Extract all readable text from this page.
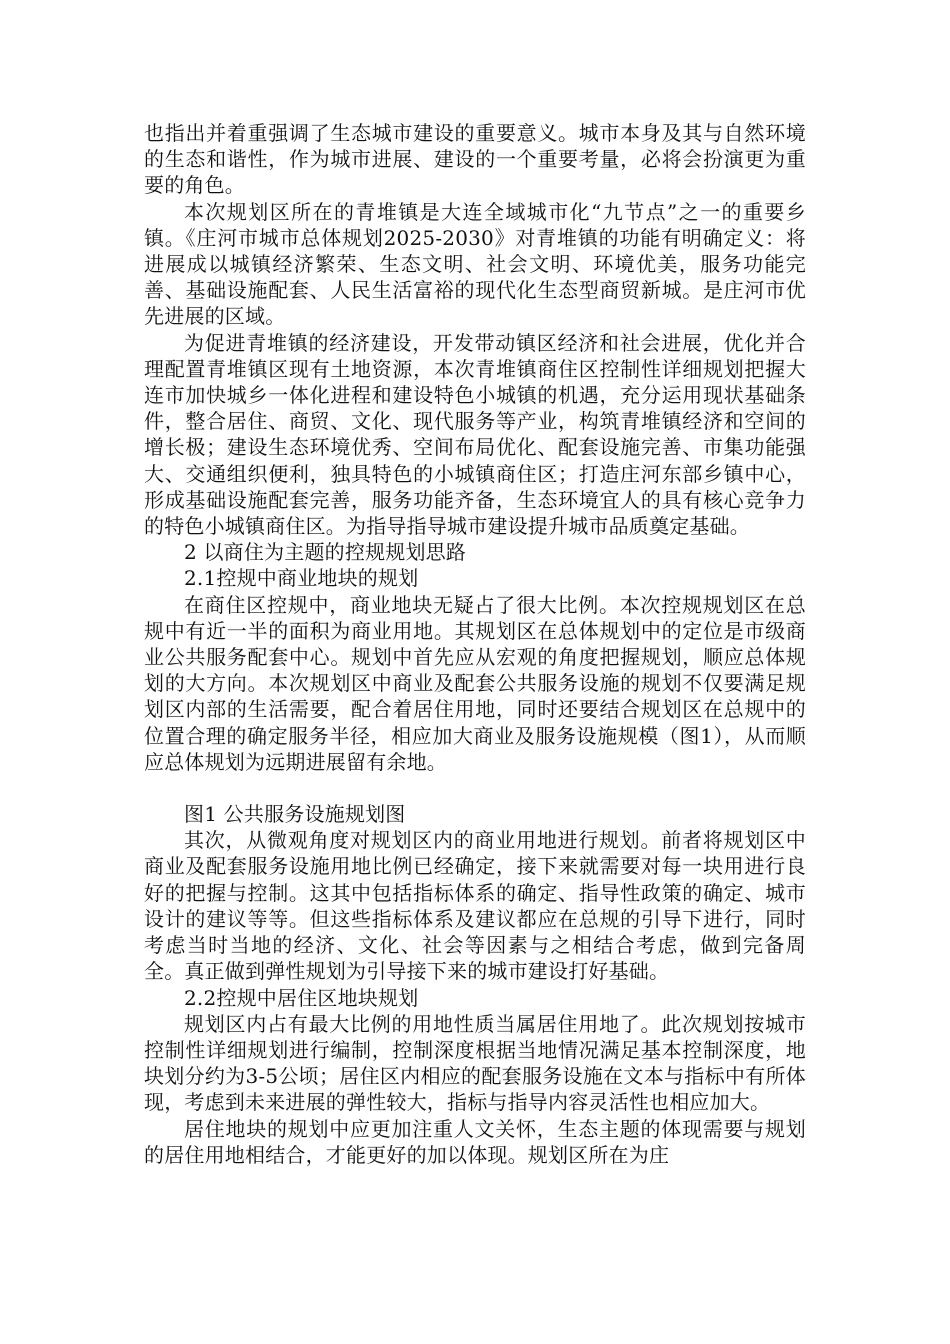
也指出并着重强调了生态城市建设的重要意义。城市本身及其与自然环境的生态和谐性，作为城市进展、建设的一个重要考量，必将会扮演更为重要的角色。

本次规划区所在的青堆镇是大连全域城市化“九节点”之一的重要乡镇。《庄河市城市总体规划2025-2030》对青堆镇的功能有明确定义：将进展成以城镇经济繁荣、生态文明、社会文明、环境优美，服务功能完善、基础设施配套、人民生活富裕的现代化生态型商贸新城。是庄河市优先进展的区域。

为促进青堆镇的经济建设，开发带动镇区经济和社会进展，优化并合理配置青堆镇区现有土地资源，本次青堆镇商住区控制性详细规划把握大连市加快城乡一体化进程和建设特色小城镇的机遇，充分运用现状基础条件，整合居住、商贸、文化、现代服务等产业，构筑青堆镇经济和空间的增长极；建设生态环境优秀、空间布局优化、配套设施完善、市集功能强大、交通组织便利，独具特色的小城镇商住区；打造庄河东部乡镇中心，形成基础设施配套完善，服务功能齐备，生态环境宜人的具有核心竞争力的特色小城镇商住区。为指导指导城市建设提升城市品质奠定基础。

2 以商住为主题的控规规划思路

2.1控规中商业地块的规划

在商住区控规中，商业地块无疑占了很大比例。本次控规规划区在总规中有近一半的面积为商业用地。其规划区在总体规划中的定位是市级商业公共服务配套中心。规划中首先应从宏观的角度把握规划，顺应总体规划的大方向。本次规划区中商业及配套公共服务设施的规划不仅要满足规划区内部的生活需要，配合着居住用地，同时还要结合规划区在总规中的位置合理的确定服务半径，相应加大商业及服务设施规模（图1），从而顺应总体规划为远期进展留有余地。

图1 公共服务设施规划图

其次，从微观角度对规划区内的商业用地进行规划。前者将规划区中商业及配套服务设施用地比例已经确定，接下来就需要对每一块用进行良好的把握与控制。这其中包括指标体系的确定、指导性政策的确定、城市设计的建议等等。但这些指标体系及建议都应在总规的引导下进行，同时考虑当时当地的经济、文化、社会等因素与之相结合考虑，做到完备周全。真正做到弹性规划为引导接下来的城市建设打好基础。

2.2控规中居住区地块规划

规划区内占有最大比例的用地性质当属居住用地了。此次规划按城市控制性详细规划进行编制，控制深度根据当地情况满足基本控制深度，地块划分约为3-5公顷；居住区内相应的配套服务设施在文本与指标中有所体现，考虑到未来进展的弹性较大，指标与指导内容灵活性也相应加大。

居住地块的规划中应更加注重人文关怀，生态主题的体现需要与规划的居住用地相结合，才能更好的加以体现。规划区所在为庄
